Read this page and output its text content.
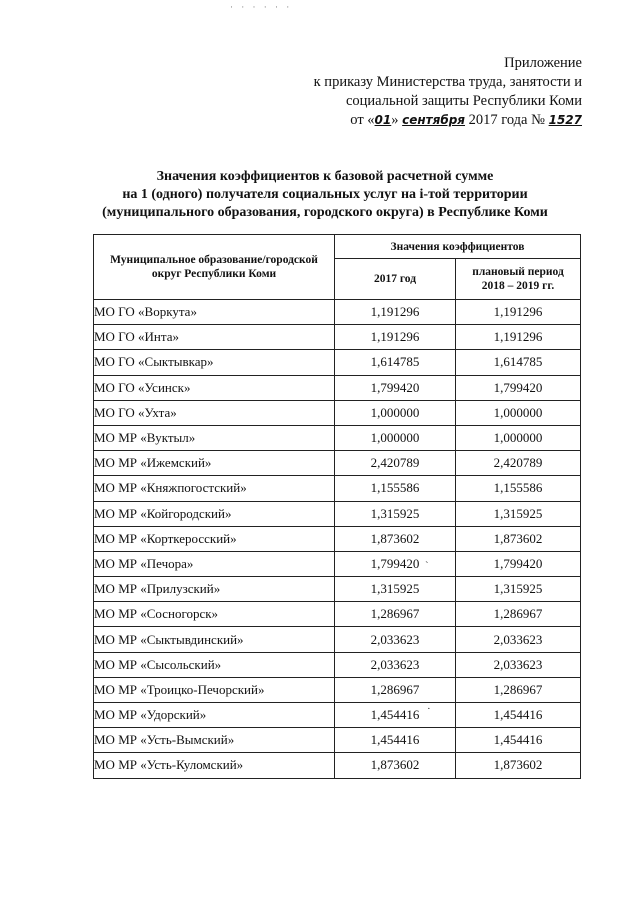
· · · · · ·
Приложение
к приказу Министерства труда, занятости и
социальной защиты Республики Коми
от «01» сентября 2017 года № 1527
Значения коэффициентов к базовой расчетной сумме
на 1 (одного) получателя социальных услуг на i-той территории
(муниципального образования, городского округа) в Республике Коми
Муниципальное образование/городской округ Республики Коми	Значения коэффициентов	
	2017 год	плановый период
2018 – 2019 гг.
МО ГО «Воркута»	1,191296	1,191296
МО ГО «Инта»	1,191296	1,191296
МО ГО «Сыктывкар»	1,614785	1,614785
МО ГО «Усинск»	1,799420	1,799420
МО ГО «Ухта»	1,000000	1,000000
МО МР «Вуктыл»	1,000000	1,000000
МО МР «Ижемский»	2,420789	2,420789
МО МР «Княжпогостский»	1,155586	1,155586
МО МР «Койгородский»	1,315925	1,315925
МО МР «Корткеросский»	1,873602	1,873602
МО МР «Печора»	1,799420	1,799420
МО МР «Прилузский»	1,315925	1,315925
МО МР «Сосногорск»	1,286967	1,286967
МО МР «Сыктывдинский»	2,033623	2,033623
МО МР «Сысольский»	2,033623	2,033623
МО МР «Троицко-Печорский»	1,286967	1,286967
МО МР «Удорский»	1,454416	1,454416
МО МР «Усть-Вымский»	1,454416	1,454416
МО МР «Усть-Куломский»	1,873602	1,873602
ˋ
·
